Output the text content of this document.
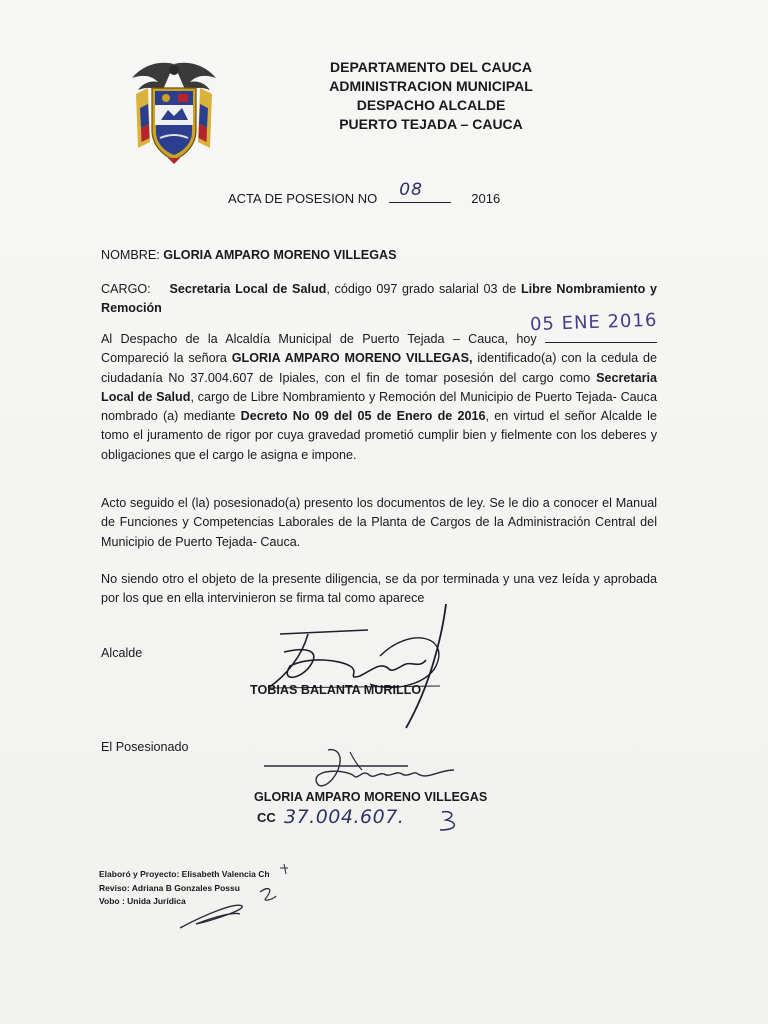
DEPARTAMENTO DEL CAUCA
ADMINISTRACION MUNICIPAL
DESPACHO ALCALDE
PUERTO TEJADA – CAUCA
ACTA DE POSESION NO 08	2016
NOMBRE: GLORIA AMPARO MORENO VILLEGAS
CARGO: Secretaria Local de Salud, código 097 grado salarial 03 de Libre Nombramiento y Remoción
Al Despacho de la Alcaldía Municipal de Puerto Tejada – Cauca, hoy  Compareció la señora GLORIA AMPARO MORENO VILLEGAS, identificado(a) con la cedula de ciudadanía No 37.004.607 de Ipiales, con el fin de tomar posesión del cargo como Secretaria Local de Salud, cargo de Libre Nombramiento y Remoción del Municipio de Puerto Tejada- Cauca nombrado (a) mediante Decreto No 09 del 05 de Enero de 2016, en virtud el señor Alcalde le tomo el juramento de rigor por cuya gravedad prometió cumplir bien y fielmente con los deberes y obligaciones que el cargo le asigna e impone.
05 ENE 2016
Acto seguido el (la) posesionado(a) presento los documentos de ley. Se le dio a conocer el Manual de Funciones y Competencias Laborales de la Planta de Cargos de la Administración Central del Municipio de Puerto Tejada- Cauca.
No siendo otro el objeto de la presente diligencia, se da por terminada y una vez leída y aprobada por los que en ella intervinieron se firma tal como aparece
Alcalde
TOBIAS BALANTA MURILLO
El Posesionado
GLORIA AMPARO MORENO VILLEGAS
CC 37.004.607.
Elaboró y Proyecto: Elisabeth Valencia Ch
Reviso: Adriana B Gonzales Possu
Vobo : Unida Jurídica
